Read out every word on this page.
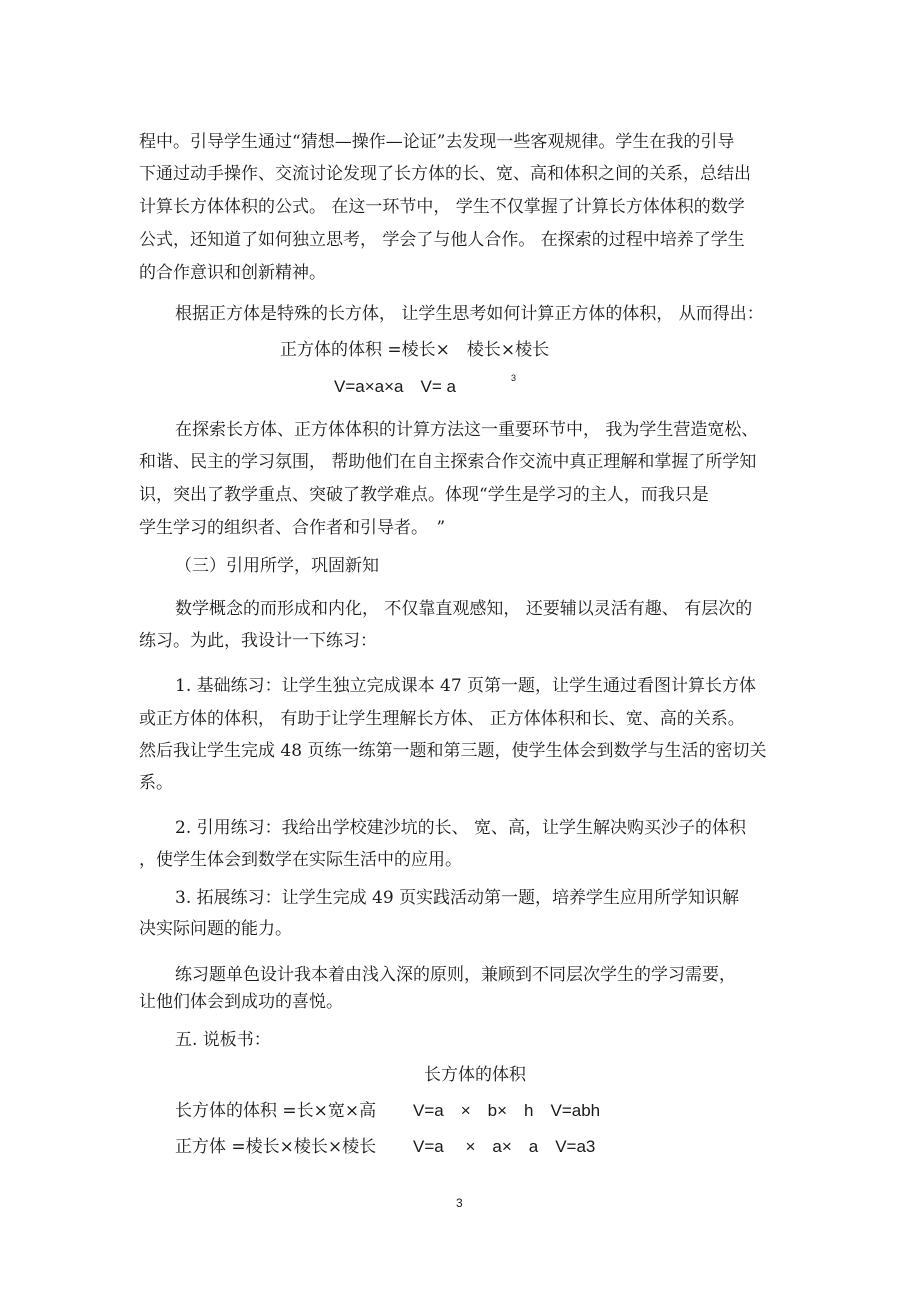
程中。引导学生通过“猜想—操作—论证”去发现一些客观规律。学生在我的引导
下通过动手操作、交流讨论发现了长方体的长、宽、高和体积之间的关系，总结出
计算长方体体积的公式。 在这一环节中， 学生不仅掌握了计算长方体体积的数学
公式，还知道了如何独立思考， 学会了与他人合作。 在探索的过程中培养了学生
的合作意识和创新精神。
根据正方体是特殊的长方体， 让学生思考如何计算正方体的体积， 从而得出：
正方体的体积 =棱长×　棱长×棱长
V=a×a×a　V= a	3
在探索长方体、正方体体积的计算方法这一重要环节中， 我为学生营造宽松、
和谐、民主的学习氛围， 帮助他们在自主探索合作交流中真正理解和掌握了所学知
识，突出了教学重点、突破了教学难点。体现“学生是学习的主人，而我只是
学生学习的组织者、合作者和引导者。　”
（三）引用所学，巩固新知
数学概念的而形成和内化， 不仅靠直观感知， 还要辅以灵活有趣、 有层次的
练习。为此，我设计一下练习：
1. 基础练习：让学生独立完成课本 47 页第一题，让学生通过看图计算长方体
或正方体的体积， 有助于让学生理解长方体、 正方体体积和长、宽、高的关系。
然后我让学生完成 48 页练一练第一题和第三题，使学生体会到数学与生活的密切关
系。
2. 引用练习：我给出学校建沙坑的长、 宽、高，让学生解决购买沙子的体积
，使学生体会到数学在实际生活中的应用。
3. 拓展练习：让学生完成 49 页实践活动第一题，培养学生应用所学知识解
决实际问题的能力。
练习题单色设计我本着由浅入深的原则，兼顾到不同层次学生的学习需要，
让他们体会到成功的喜悦。
五. 说板书：
长方体的体积
长方体的体积 =长×宽×高 V=a　×　b×　h　V=abh
正方体 =棱长×棱长×棱长 V=a　 ×　a×　a　V=a3
3
